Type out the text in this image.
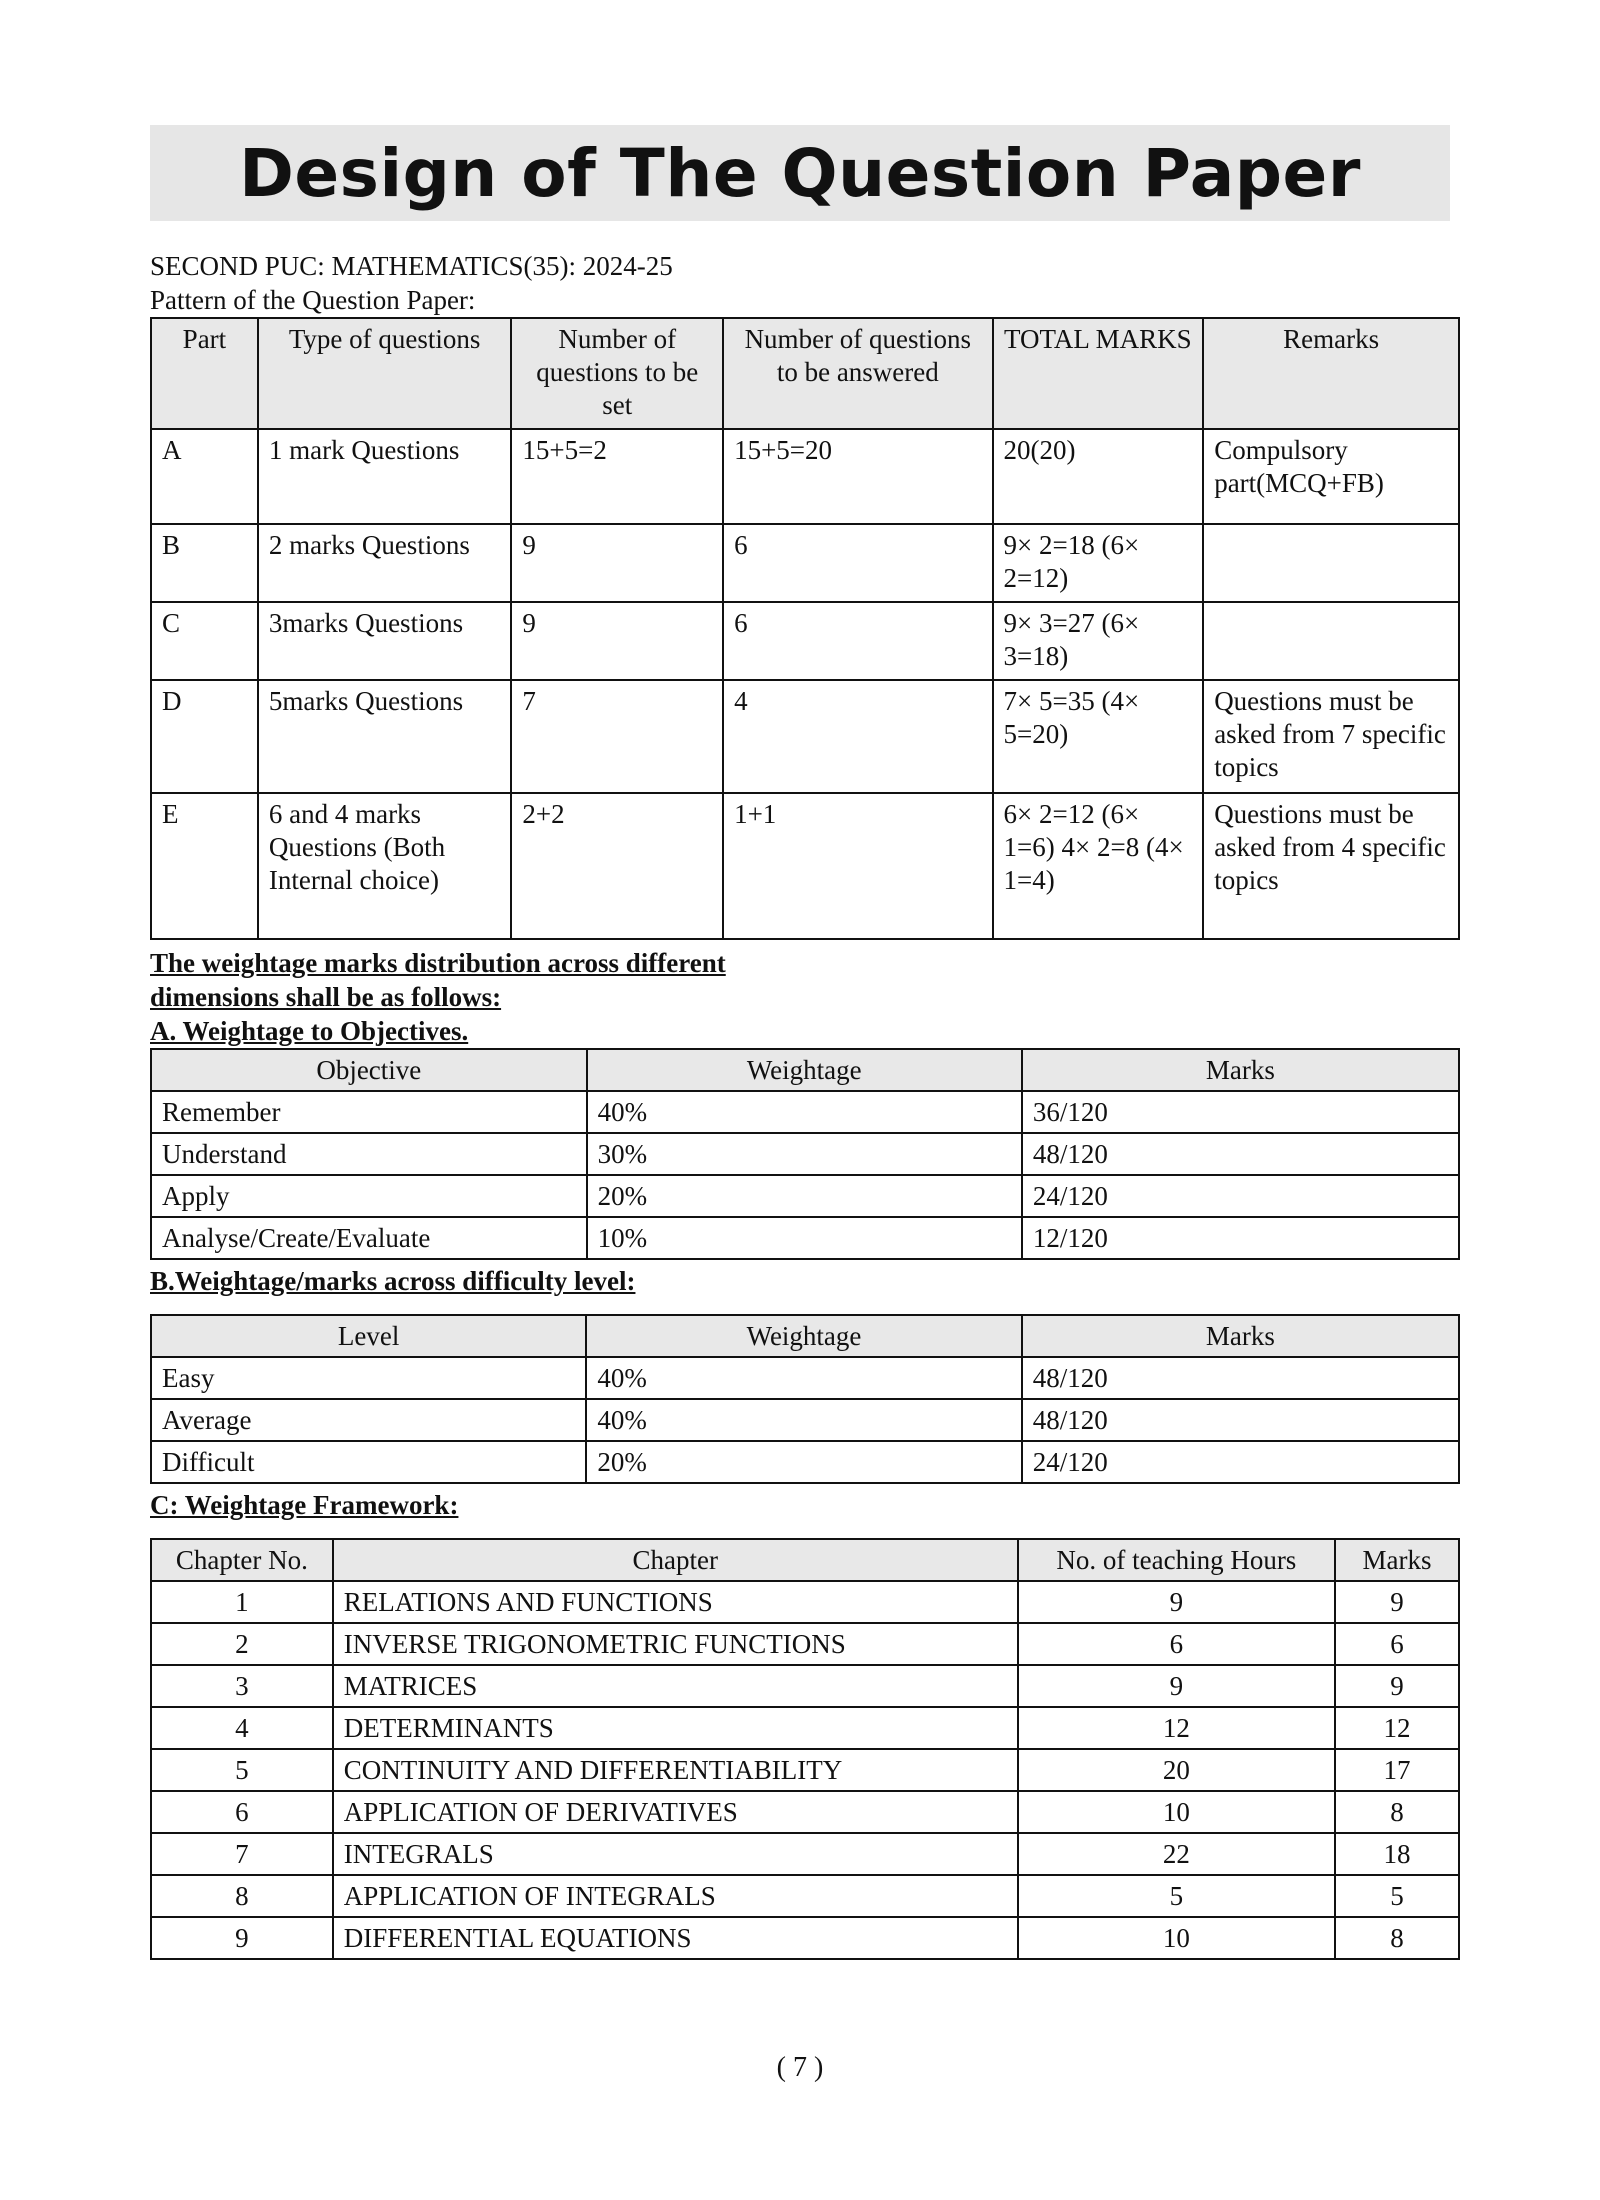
Design of The Question Paper

SECOND PUC: MATHEMATICS(35): 2024-25

Pattern of the Question Paper:

Part	Type of questions	Number of questions to be set	Number of questions to be answered	TOTAL MARKS	Remarks
A	1 mark Questions	15+5=2	15+5=20	20(20)	Compulsory part(MCQ+FB)
B	2 marks Questions	9	6	9× 2=18 (6× 2=12)	
C	3marks Questions	9	6	9× 3=27 (6× 3=18)	
D	5marks Questions	7	4	7× 5=35 (4× 5=20)	Questions must be asked from 7 specific topics
E	6 and 4 marks Questions (Both Internal choice)	2+2	1+1	6× 2=12 (6× 1=6) 4× 2=8 (4× 1=4)	Questions must be asked from 4 specific topics

The weightage marks distribution across different

dimensions shall be as follows:

A. Weightage to Objectives.

Objective	Weightage	Marks
Remember	40%	36/120
Understand	30%	48/120
Apply	20%	24/120
Analyse/Create/Evaluate	10%	12/120

B.Weightage/marks across difficulty level:

Level	Weightage	Marks
Easy	40%	48/120
Average	40%	48/120
Difficult	20%	24/120

C: Weightage Framework:

Chapter No.	Chapter	No. of teaching Hours	Marks
1	RELATIONS AND FUNCTIONS	9	9
2	INVERSE TRIGONOMETRIC FUNCTIONS	6	6
3	MATRICES	9	9
4	DETERMINANTS	12	12
5	CONTINUITY AND DIFFERENTIABILITY	20	17
6	APPLICATION OF DERIVATIVES	10	8
7	INTEGRALS	22	18
8	APPLICATION OF INTEGRALS	5	5
9	DIFFERENTIAL EQUATIONS	10	8
( 7 )
